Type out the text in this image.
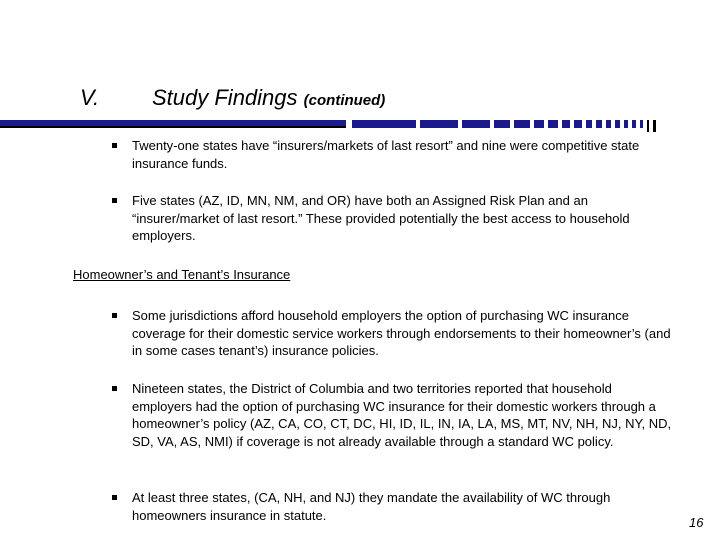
V. Study Findings (continued)
Twenty-one states have “insurers/markets of last resort” and nine were competitive state insurance funds.
Five states (AZ, ID, MN, NM, and OR) have both an Assigned Risk Plan and an “insurer/market of last resort.” These provided potentially the best access to household employers.
Homeowner’s and Tenant’s Insurance
Some jurisdictions afford household employers the option of purchasing WC insurance coverage for their domestic service workers through endorsements to their homeowner’s (and in some cases tenant’s) insurance policies.
Nineteen states, the District of Columbia and two territories reported that household employers had the option of purchasing WC insurance for their domestic workers through a homeowner’s policy (AZ, CA, CO, CT, DC, HI, ID, IL, IN, IA, LA, MS, MT, NV, NH, NJ, NY, ND, SD, VA, AS, NMI) if coverage is not already available through a standard WC policy.
At least three states, (CA, NH, and NJ) they mandate the availability of WC through homeowners insurance in statute.	16
